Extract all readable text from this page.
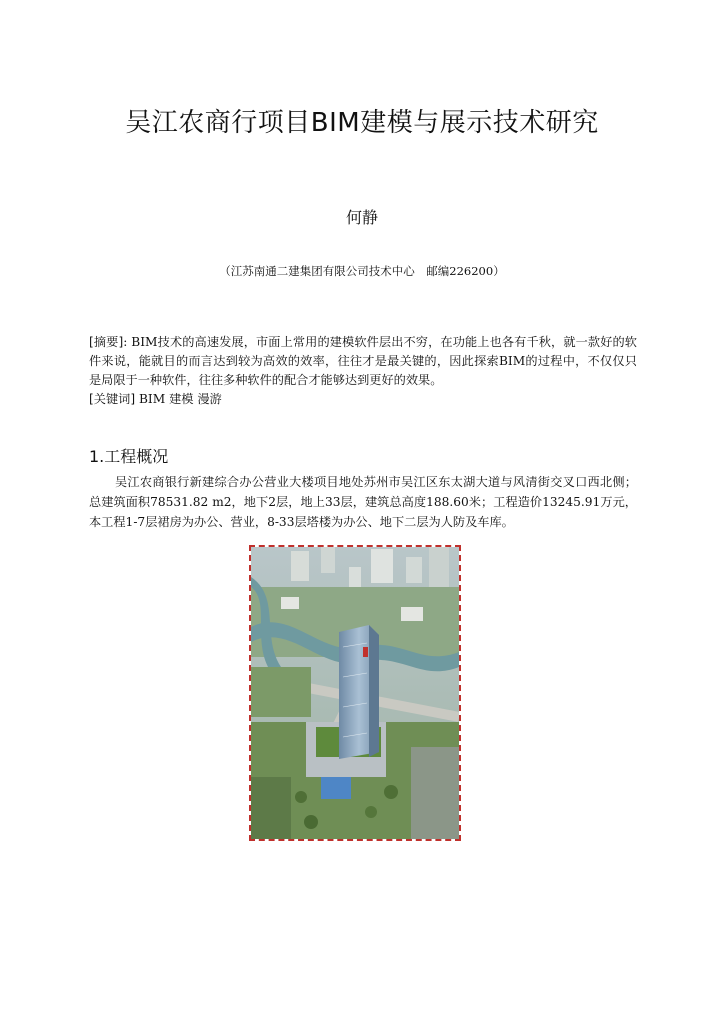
吴江农商行项目BIM建模与展示技术研究
何静
（江苏南通二建集团有限公司技术中心　邮编226200）
[摘要]: BIM技术的高速发展，市面上常用的建模软件层出不穷，在功能上也各有千秋，就一款好的软件来说，能就目的而言达到较为高效的效率，往往才是最关键的，因此探索BIM的过程中，不仅仅只是局限于一种软件，往往多种软件的配合才能够达到更好的效果。
[关键词] BIM 建模 漫游
1.工程概况
吴江农商银行新建综合办公营业大楼项目地处苏州市吴江区东太湖大道与风清街交叉口西北侧；总建筑面积78531.82 m2，地下2层，地上33层，建筑总高度188.60米；工程造价13245.91万元，本工程1-7层裙房为办公、营业，8-33层塔楼为办公、地下二层为人防及车库。
